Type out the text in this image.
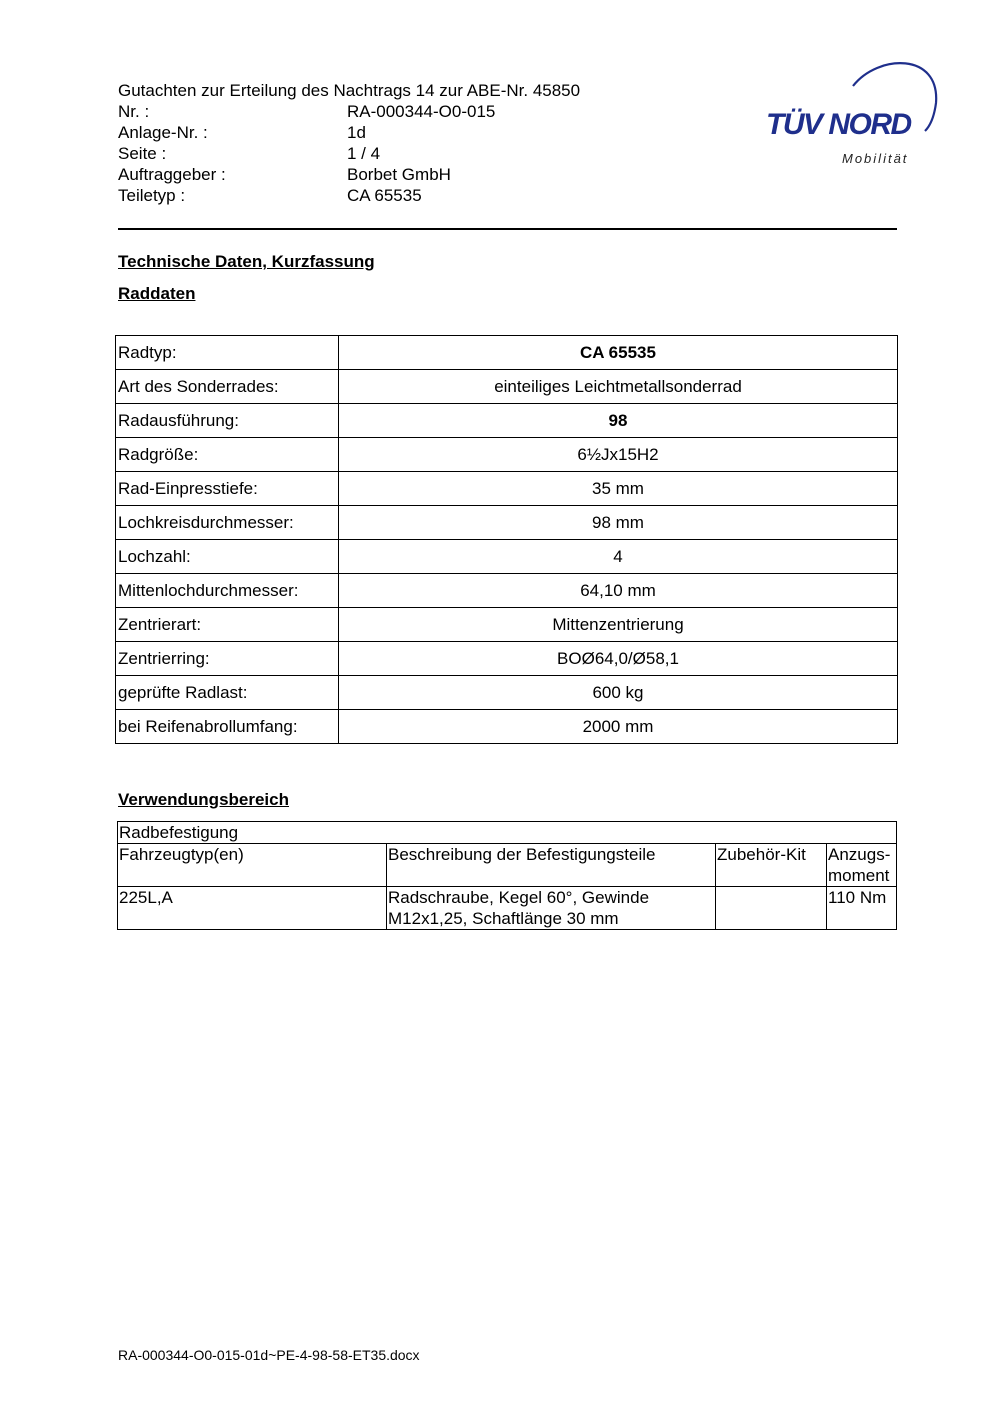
Gutachten zur Erteilung des Nachtrags 14 zur ABE-Nr. 45850
Nr. :	RA-000344-O0-015
Anlage-Nr. :	1d
Seite :	1 / 4
Auftraggeber :	Borbet GmbH
Teiletyp :	CA 65535
TÜV NORD
Mobilität
Technische Daten, Kurzfassung
Raddaten
Radtyp:	CA 65535
Art des Sonderrades:	einteiliges Leichtmetallsonderrad
Radausführung:	98
Radgröße:	6½Jx15H2
Rad-Einpresstiefe:	35 mm
Lochkreisdurchmesser:	98 mm
Lochzahl:	4
Mittenlochdurchmesser:	64,10 mm
Zentrierart:	Mittenzentrierung
Zentrierring:	BOØ64,0/Ø58,1
geprüfte Radlast:	600 kg
bei Reifenabrollumfang:	2000 mm
Verwendungsbereich
Radbefestigung			
Fahrzeugtyp(en)	Beschreibung der Befestigungsteile	Zubehör-Kit	Anzugs-
moment
225L,A	Radschraube, Kegel 60°, Gewinde M12x1,25, Schaftlänge 30 mm		110 Nm
RA-000344-O0-015-01d~PE-4-98-58-ET35.docx
